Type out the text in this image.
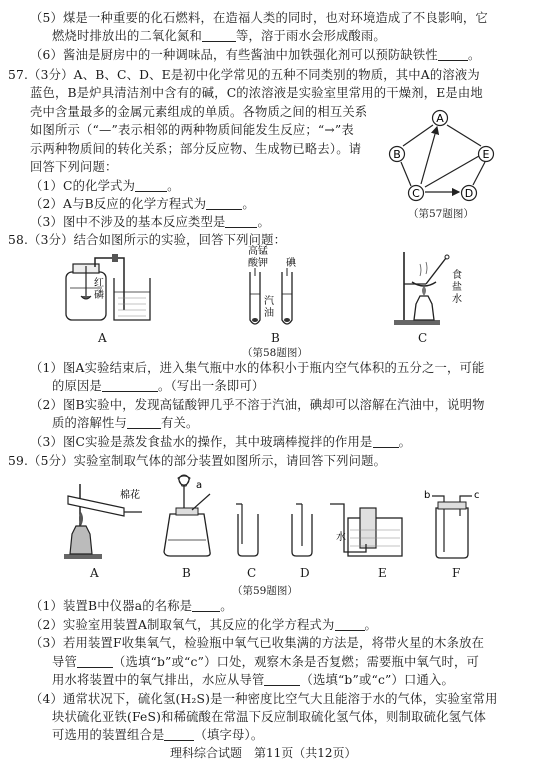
（5）煤是一种重要的化石燃料，在造福人类的同时，也对环境造成了不良影响，它
燃烧时排放出的二氧化氮和	等，溶于雨水会形成酸雨。
（6）酱油是厨房中的一种调味品，有些酱油中加铁强化剂可以预防缺铁性 。
57.（3分）A、B、C、D、E是初中化学常见的五种不同类别的物质，其中A的溶液为
蓝色，B是炉具清洁剂中含有的碱，C的浓溶液是实验室里常用的干燥剂，E是由地
壳中含量最多的金属元素组成的单质。各物质之间的相互关系
如图所示（“—”表示相邻的两种物质间能发生反应；“→”表
示两种物质间的转化关系；部分反应物、生成物已略去）。请
回答下列问题：
（1）C的化学式为	。
（2）A与B反应的化学方程式为	。
（3）图中不涉及的基本反应类型是	。
A
B	E
C	D
（第57题图）
58.（3分）结合如图所示的实验，回答下列问题：
红
磷
A
高锰
酸钾 碘
汽
油
B
食
盐
水
C
（第58题图）
（1）图A实验结束后，进入集气瓶中水的体积小于瓶内空气体积的五分之一，可能
的原因是	。（写出一条即可）
（2）图B实验中，发现高锰酸钾几乎不溶于汽油，碘却可以溶解在汽油中，说明物
质的溶解性与	有关。
（3）图C实验是蒸发食盐水的操作，其中玻璃棒搅拌的作用是 。
59.（5分）实验室制取气体的部分装置如图所示，请回答下列问题。
棉花
a
水
b	c
A	B	C	D	E	F
（第59题图）
（1）装置B中仪器a的名称是 。
（2）实验室用装置A制取氧气，其反应的化学方程式为 。
（3）若用装置F收集氧气，检验瓶中氧气已收集满的方法是，将带火星的木条放在
导管	（选填“b”或“c”）口处，观察木条是否复燃；需要瓶中氧气时，可
用水将装置中的氧气排出，水应从导管	（选填“b”或“c”）口通入。
（4）通常状况下，硫化氢(H₂S)是一种密度比空气大且能溶于水的气体，实验室常用
块状硫化亚铁(FeS)和稀硫酸在常温下反应制取硫化氢气体，则制取硫化氢气体
可选用的装置组合是 （填字母）。
理科综合试题　第11页（共12页）
